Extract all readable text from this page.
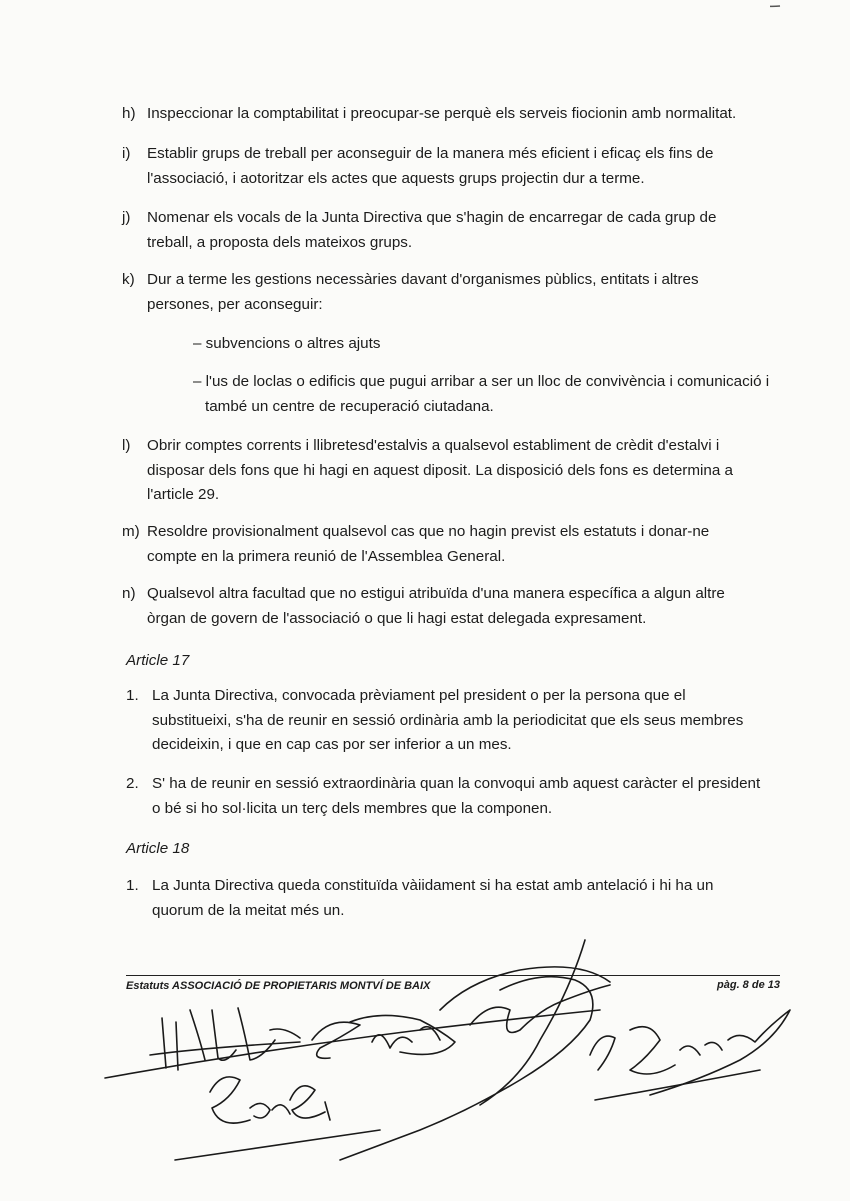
h) Inspeccionar la comptabilitat i preocupar-se perquè els serveis fiocionin amb normalitat.
i)	Establir grups de treball per aconseguir de la manera més eficient i eficaç els fins de l'associació, i aotoritzar els actes que aquests grups projectin dur a terme.
j)	Nomenar els vocals de la Junta Directiva que s'hagin de encarregar de cada grup de treball, a proposta dels mateixos grups.
k) Dur a terme les gestions necessàries davant d'organismes pùblics, entitats i altres persones, per aconseguir:
– subvencions o altres ajuts
– l'us de loclas o edificis que pugui arribar a ser un lloc de convivència i comunicació i també un centre de recuperació ciutadana.
l)	Obrir comptes corrents i llibretesd'estalvis a qualsevol establiment de crèdit d'estalvi i disposar dels fons que hi hagi en aquest diposit. La disposició dels fons es determina a l'article 29.
m) Resoldre provisionalment qualsevol cas que no hagin previst els estatuts i donar-ne compte en la primera reunió de l'Assemblea General.
n) Qualsevol altra facultad que no estigui atribuïda d'una manera específica a algun altre òrgan de govern de l'associació o que li hagi estat delegada expresament.
Article 17
1. La Junta Directiva, convocada prèviament pel president o per la persona que el substitueixi, s'ha de reunir en sessió ordinària amb la periodicitat que els seus membres decideixin, i que en cap cas por ser inferior a un mes.
2. S' ha de reunir en sessió extraordinària quan la convoqui amb aquest caràcter el president o bé si ho sol·licita un terç dels membres que la componen.
Article 18
1. La Junta Directiva queda constituïda vàiidament si ha estat amb antelació i hi ha un quorum de la meitat més un.
Estatuts ASSOCIACIÓ DE PROPIETARIS MONTVÍ DE BAIX	pàg. 8 de 13
